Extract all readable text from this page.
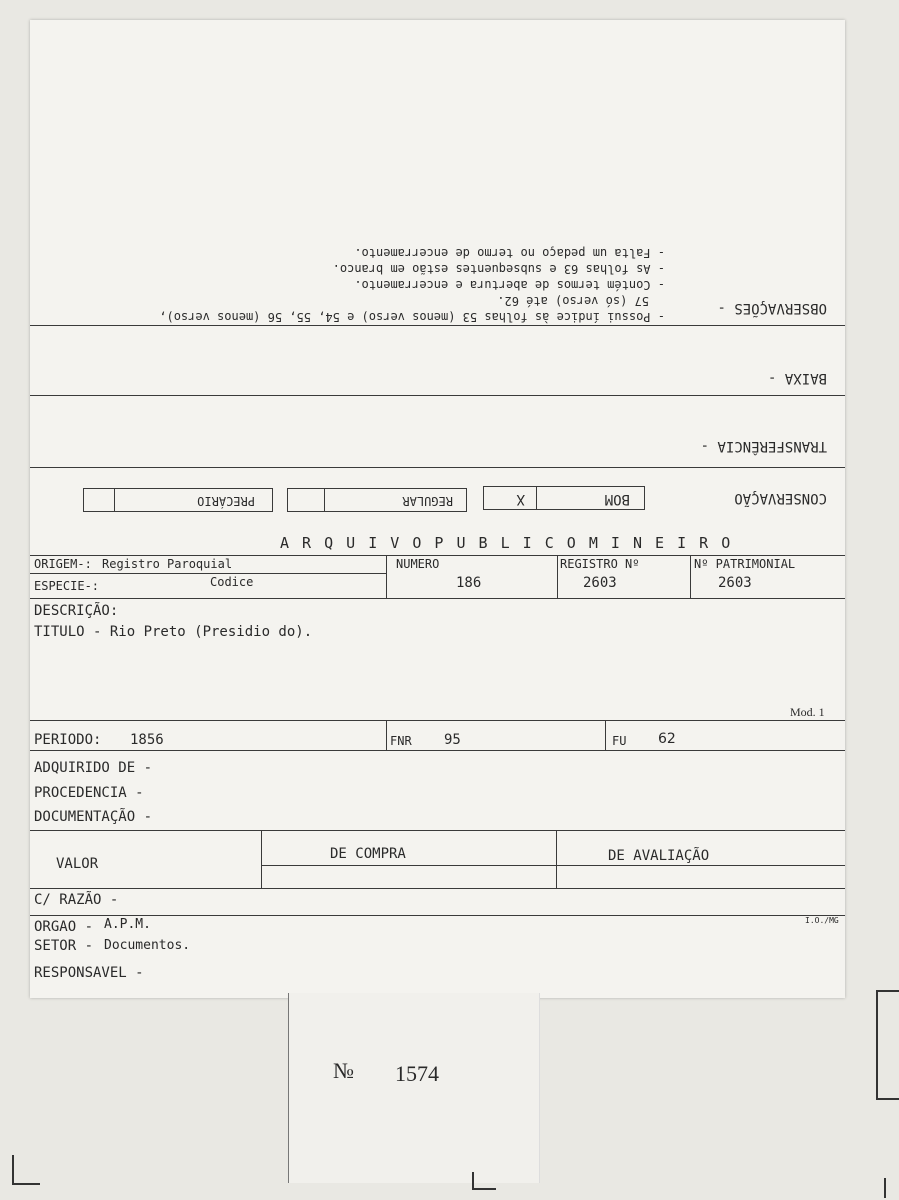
CONSERVAÇÃO
BOM
X
REGULAR
PRECÁRIO
TRANSFERÊNCIA -
BAIXA -
OBSERVAÇÕES -
- Possui índice às folhas 53 (menos verso) e 54, 55, 56 (menos verso),
57 (só verso) até 62.
- Contém termos de abertura e encerramento.
- As folhas 63 e subsequentes estão em branco.
- Falta um pedaço no termo de encerramento.
A R Q U I V O P U B L I C O M I N E I R O
ORIGEM-: Registro Paroquial
ESPECIE-:	Codice
NUMERO
186
REGISTRO Nº
2603
Nº PATRIMONIAL
2603
DESCRIÇÃO:
TITULO - Rio Preto (Presidio do).
Mod. 1
PERIODO: 1856	FNR 95	FU 62
ADQUIRIDO DE -
PROCEDENCIA -
DOCUMENTAÇÃO -
VALOR
DE COMPRA	DE AVALIAÇÃO
C/ RAZÃO -
I.O./MG
ORGAO - A.P.M.
SETOR - Documentos.
RESPONSAVEL -
№ 1574
